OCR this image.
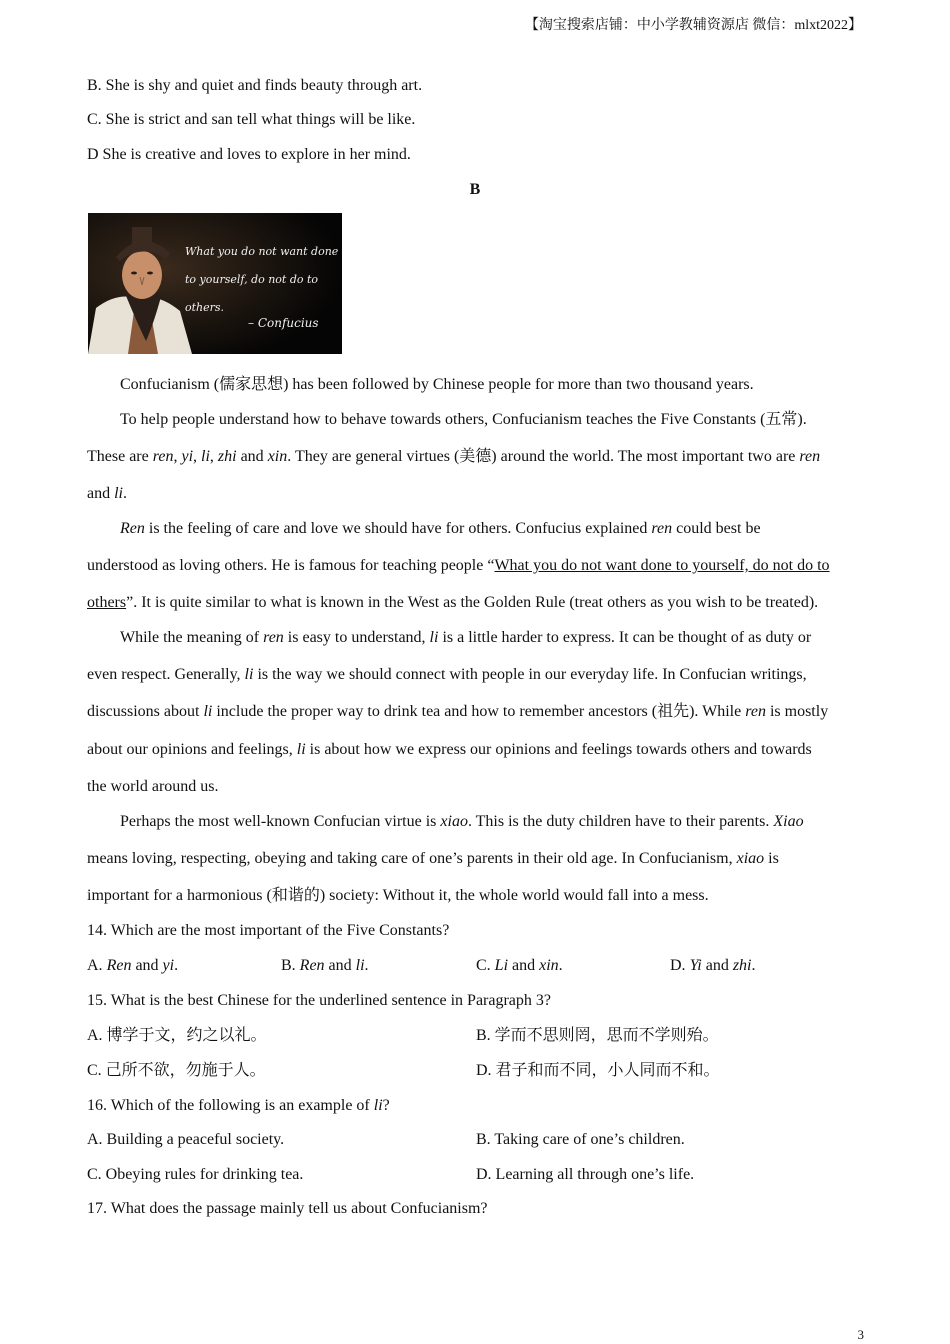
【淘宝搜索店铺：中小学教辅资源店 微信：mlxt2022】
B. She is shy and quiet and finds beauty through art.
C. She is strict and san tell what things will be like.
D She is creative and loves to explore in her mind.
B
What you do not want done
to yourself, do not do to others.
– Confucius
Confucianism (儒家思想) has been followed by Chinese people for more than two thousand years.
To help people understand how to behave towards others, Confucianism teaches the Five Constants (五常).
These are ren, yi, li, zhi and xin. They are general virtues (美德) around the world. The most important two are ren
and li.
Ren is the feeling of care and love we should have for others. Confucius explained ren could best be
understood as loving others. He is famous for teaching people “What you do not want done to yourself, do not do to
others”. It is quite similar to what is known in the West as the Golden Rule (treat others as you wish to be treated).
While the meaning of ren is easy to understand, li is a little harder to express. It can be thought of as duty or
even respect. Generally, li is the way we should connect with people in our everyday life. In Confucian writings,
discussions about li include the proper way to drink tea and how to remember ancestors (祖先). While ren is mostly
about our opinions and feelings, li is about how we express our opinions and feelings towards others and towards
the world around us.
Perhaps the most well-known Confucian virtue is xiao. This is the duty children have to their parents. Xiao
means loving, respecting, obeying and taking care of one’s parents in their old age. In Confucianism, xiao is
important for a harmonious (和谐的) society: Without it, the whole world would fall into a mess.
14. Which are the most important of the Five Constants?
A. Ren and yi.	B. Ren and li.	C. Li and xin.	D. Yi and zhi.
15. What is the best Chinese for the underlined sentence in Paragraph 3?
A. 博学于文，约之以礼。	B. 学而不思则罔，思而不学则殆。
C. 己所不欲，勿施于人。	D. 君子和而不同，小人同而不和。
16. Which of the following is an example of li?
A. Building a peaceful society.	B. Taking care of one’s children.
C. Obeying rules for drinking tea.	D. Learning all through one’s life.
17. What does the passage mainly tell us about Confucianism?
3
